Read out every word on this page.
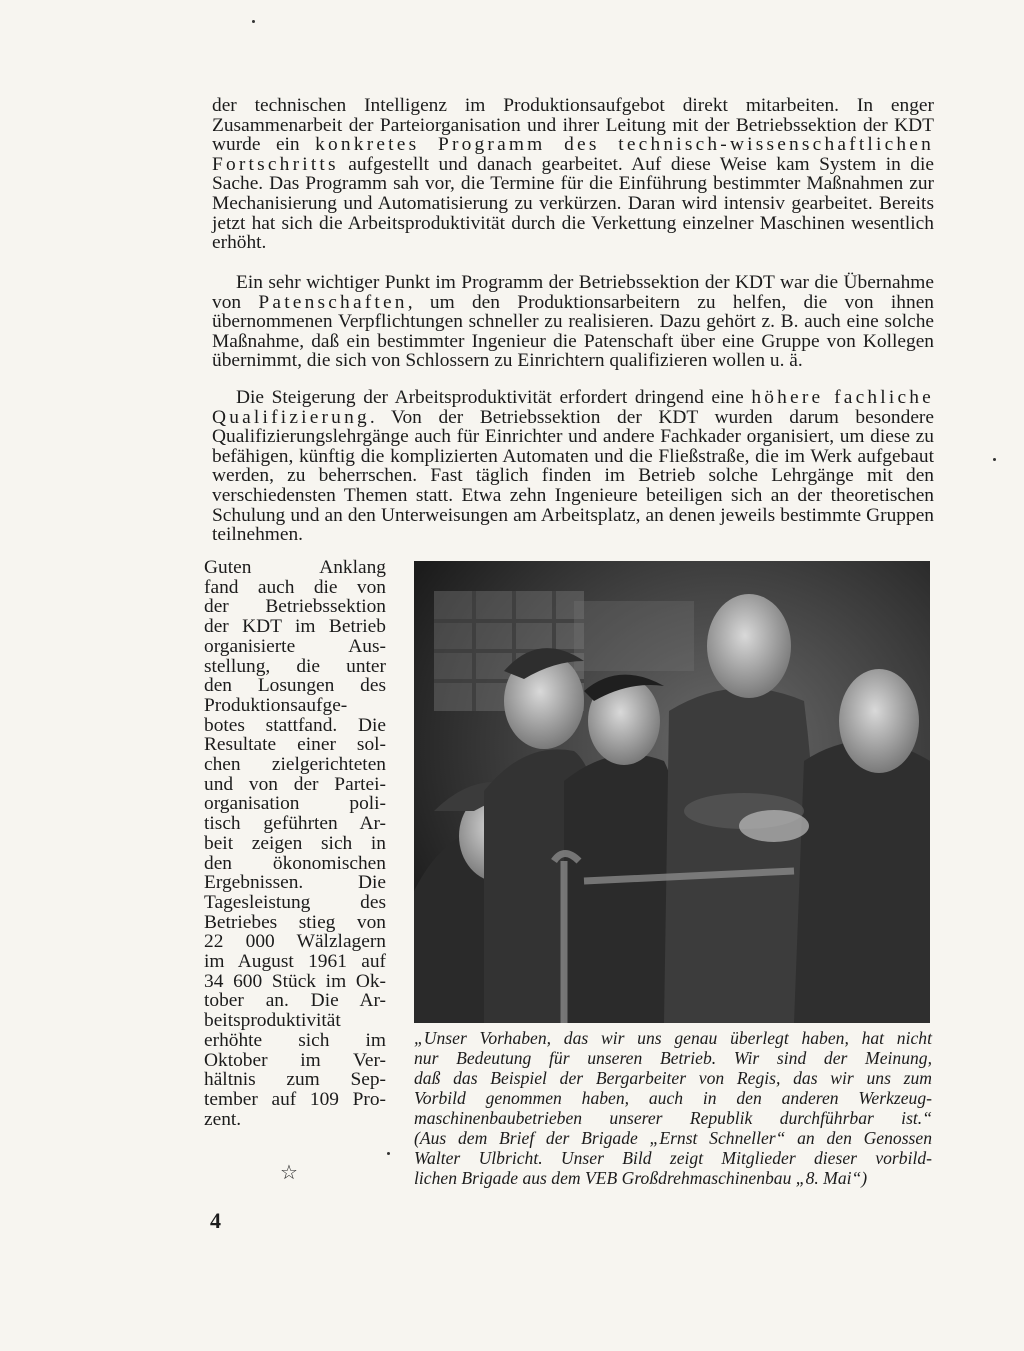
der technischen Intelligenz im Produktionsaufgebot direkt mitarbeiten. In enger Zusammenarbeit der Parteiorganisation und ihrer Leitung mit der Betriebssektion der KDT wurde ein konkretes Programm des technisch-wissenschaftlichen Fortschritts aufgestellt und danach gearbeitet. Auf diese Weise kam System in die Sache. Das Programm sah vor, die Termine für die Einführung bestimmter Maßnahmen zur Mechanisierung und Automatisierung zu verkürzen. Daran wird intensiv gearbeitet. Bereits jetzt hat sich die Arbeitsproduktivität durch die Verkettung einzelner Maschinen wesentlich erhöht.

Ein sehr wichtiger Punkt im Programm der Betriebssektion der KDT war die Übernahme von Patenschaften, um den Produktionsarbeitern zu helfen, die von ihnen übernommenen Verpflichtungen schneller zu realisieren. Dazu gehört z. B. auch eine solche Maßnahme, daß ein bestimmter Ingenieur die Patenschaft über eine Gruppe von Kollegen übernimmt, die sich von Schlossern zu Einrichtern qualifizieren wollen u. ä.

Die Steigerung der Arbeitsproduktivität erfordert dringend eine höhere fachliche Qualifizierung. Von der Betriebssektion der KDT wurden darum besondere Qualifizierungslehrgänge auch für Einrichter und andere Fachkader organisiert, um diese zu befähigen, künftig die komplizierten Automaten und die Fließstraße, die im Werk aufgebaut werden, zu beherrschen. Fast täglich finden im Betrieb solche Lehrgänge mit den verschiedensten Themen statt. Etwa zehn Ingenieure beteiligen sich an der theoretischen Schulung und an den Unterweisungen am Arbeitsplatz, an denen jeweils bestimmte Gruppen teilnehmen.

Guten Anklang
fand auch die von
der Betriebssektion
der KDT im Betrieb
organisierte Aus-
stellung, die unter
den Losungen des
Produktionsaufge-
botes stattfand. Die
Resultate einer sol-
chen zielgerichteten
und von der Partei-
organisation poli-
tisch geführten Ar-
beit zeigen sich in
den ökonomischen
Ergebnissen. Die
Tagesleistung des
Betriebes stieg von
22 000 Wälzlagern
im August 1961 auf
34 600 Stück im Ok-
tober an. Die Ar-
beitsproduktivität
erhöhte sich im
Oktober im Ver-
hältnis zum Sep-
tember auf 109 Pro-
zent.
„Unser Vorhaben, das wir uns genau überlegt haben, hat nicht
nur Bedeutung für unseren Betrieb. Wir sind der Meinung,
daß das Beispiel der Bergarbeiter von Regis, das wir uns zum
Vorbild genommen haben, auch in den anderen Werkzeug-
maschinenbaubetrieben unserer Republik durchführbar ist.“
(Aus dem Brief der Brigade „Ernst Schneller“ an den Genossen
Walter Ulbricht. Unser Bild zeigt Mitglieder dieser vorbild-
lichen Brigade aus dem VEB Großdrehmaschinenbau „8. Mai“)
☆
4
